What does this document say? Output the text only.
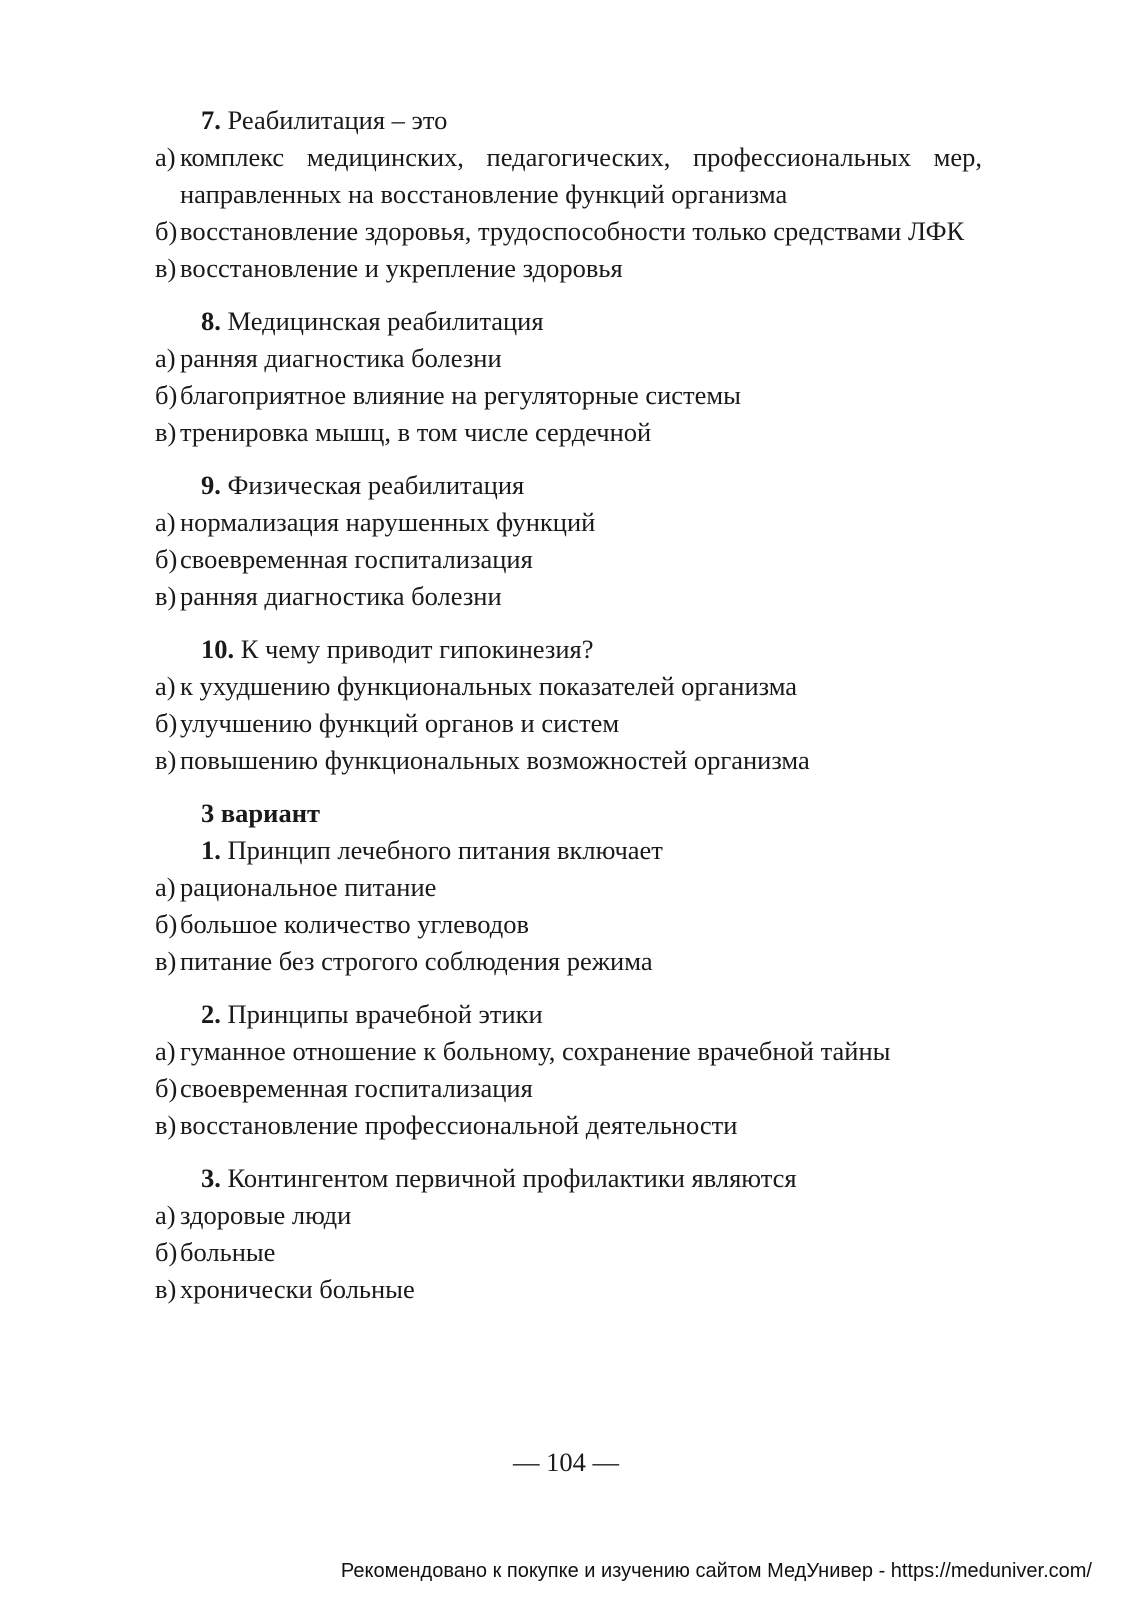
7. Реабилитация – это
а) комплекс медицинских, педагогических, профессиональных мер, направленных на восстановление функций организма
б) восстановление здоровья, трудоспособности только средствами ЛФК
в) восстановление и укрепление здоровья
8. Медицинская реабилитация
а) ранняя диагностика болезни
б) благоприятное влияние на регуляторные системы
в) тренировка мышц, в том числе сердечной
9. Физическая реабилитация
а) нормализация нарушенных функций
б) своевременная госпитализация
в) ранняя диагностика болезни
10. К чему приводит гипокинезия?
а) к ухудшению функциональных показателей организма
б) улучшению функций органов и систем
в) повышению функциональных возможностей организма
3 вариант
1. Принцип лечебного питания включает
а) рациональное питание
б) большое количество углеводов
в) питание без строгого соблюдения режима
2. Принципы врачебной этики
а) гуманное отношение к больному, сохранение врачебной тайны
б) своевременная госпитализация
в) восстановление профессиональной деятельности
3. Контингентом первичной профилактики являются
а) здоровые люди
б) больные
в) хронически больные
— 104 —
Рекомендовано к покупке и изучению сайтом МедУнивер - https://meduniver.com/
